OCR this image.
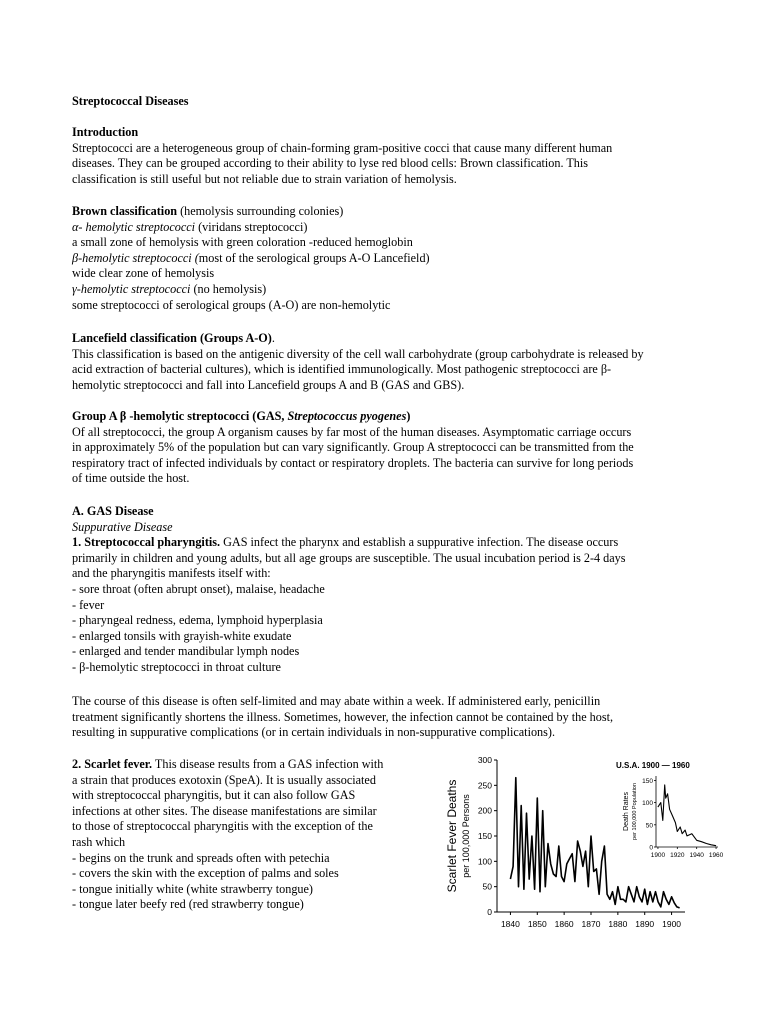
Streptococcal Diseases
Introduction
Streptococci are a heterogeneous group of chain-forming gram-positive cocci that cause many different human
diseases. They can be grouped according to their ability to lyse red blood cells: Brown classification. This
classification is still useful but not reliable due to strain variation of hemolysis.
Brown classification (hemolysis surrounding colonies)
α- hemolytic streptococci (viridans streptococci)
a small zone of hemolysis with green coloration -reduced hemoglobin
β-hemolytic streptococci (most of the serological groups A-O Lancefield)
wide clear zone of hemolysis
γ-hemolytic streptococci (no hemolysis)
some streptococci of serological groups (A-O) are non-hemolytic
Lancefield classification (Groups A-O).
This classification is based on the antigenic diversity of the cell wall carbohydrate (group carbohydrate is released by
acid extraction of bacterial cultures), which is identified immunologically. Most pathogenic streptococci are β-
hemolytic streptococci and fall into Lancefield groups A and B (GAS and GBS).
Group A β -hemolytic streptococci (GAS, Streptococcus pyogenes)
Of all streptococci, the group A organism causes by far most of the human diseases. Asymptomatic carriage occurs
in approximately 5% of the population but can vary significantly. Group A streptococci can be transmitted from the
respiratory tract of infected individuals by contact or respiratory droplets. The bacteria can survive for long periods
of time outside the host.
A. GAS Disease
Suppurative Disease
1. Streptococcal pharyngitis. GAS infect the pharynx and establish a suppurative infection. The disease occurs
primarily in children and young adults, but all age groups are susceptible. The usual incubation period is 2-4 days
and the pharyngitis manifests itself with:
- sore throat (often abrupt onset), malaise, headache
- fever
- pharyngeal redness, edema, lymphoid hyperplasia
- enlarged tonsils with grayish-white exudate
- enlarged and tender mandibular lymph nodes
- β-hemolytic streptococci in throat culture
The course of this disease is often self-limited and may abate within a week. If administered early, penicillin
treatment significantly shortens the illness. Sometimes, however, the infection cannot be contained by the host,
resulting in suppurative complications (or in certain individuals in non-suppurative complications).
2. Scarlet fever. This disease results from a GAS infection with
a strain that produces exotoxin (SpeA). It is usually associated
with streptococcal pharyngitis, but it can also follow GAS
infections at other sites. The disease manifestations are similar
to those of streptococcal pharyngitis with the exception of the
rash which
- begins on the trunk and spreads often with petechia
- covers the skin with the exception of palms and soles
- tongue initially white (white strawberry tongue)
- tongue later beefy red (red strawberry tongue)
0
50
100
150
200
250
300
1840 1850 1860 1870 1880 1890 1900
Scarlet Fever Deaths per 100,000 Persons
U.S.A. 1900 — 1960
0
50
100
150
1900 1920 1940 1960
Death Rates per 100,000 Population
